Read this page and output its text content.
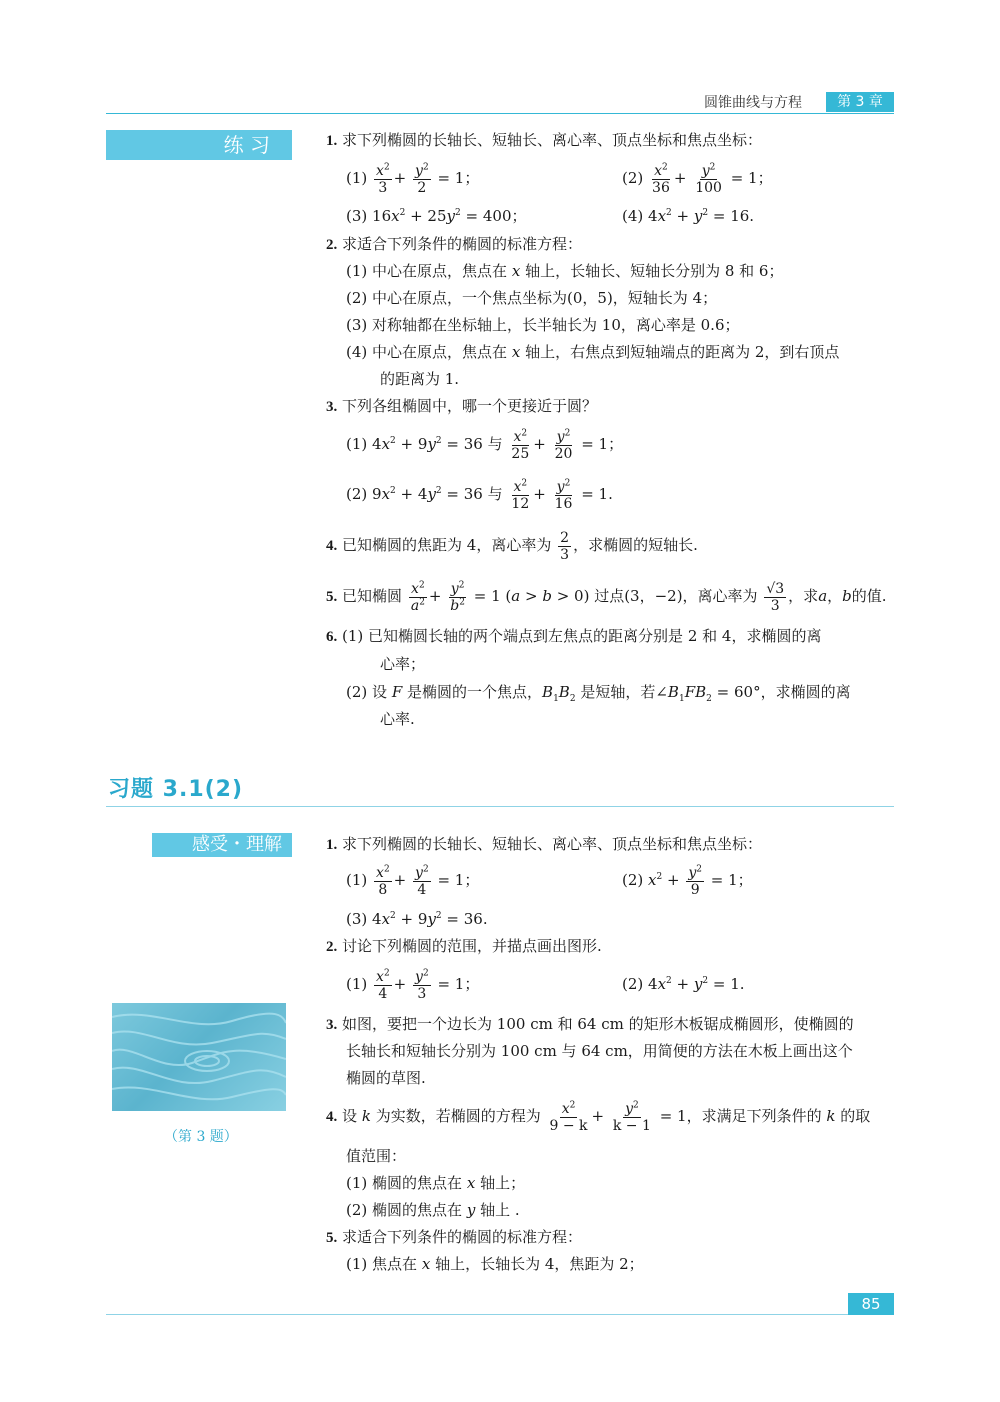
圆锥曲线与方程	第 3 章
练 习	1. 求下列椭圆的长轴长、短轴长、离心率、顶点坐标和焦点坐标：
$(1) \frac{x^2}{3} + \frac{y^2}{2} = 1$；	$(2) \frac{x^2}{36} + \frac{y^2}{100} = 1$；
(3) $16x^2 + 25y^2 = 400$；	(4) $4x^2 + y^2 = 16$.
2. 求适合下列条件的椭圆的标准方程：
(1) 中心在原点，焦点在 x 轴上，长轴长、短轴长分别为 8 和 6；
(2) 中心在原点，一个焦点坐标为(0，5)，短轴长为 4；
(3) 对称轴都在坐标轴上，长半轴长为 10，离心率是 0.6；
(4) 中心在原点，焦点在 x 轴上，右焦点到短轴端点的距离为 2，到右顶点
的距离为 1.
3. 下列各组椭圆中，哪一个更接近于圆？
(1) $4x^2 + 9y^2 = 36$ 与 $\frac{x^2}{25} + \frac{y^2}{20} = 1$；
(2) $9x^2 + 4y^2 = 36$ 与 $\frac{x^2}{12} + \frac{y^2}{16} = 1$.
4. 已知椭圆的焦距为 4，离心率为 $\frac{2}{3}$ ，求椭圆的短轴长.
5. 已知椭圆 $\frac{x^2}{a^2} + \frac{y^2}{b^2} = 1$ (a > b > 0) 过点(3，−2)，离心率为 $\frac{√3}{3}$ ，求a，b的值.
6. (1) 已知椭圆长轴的两个端点到左焦点的距离分别是 2 和 4，求椭圆的离
心率；
(2) 设 F 是椭圆的一个焦点，$B_1B_2$ 是短轴，若$\angle B_1FB_2 = 60^\circ$，求椭圆的离
心率.
习题 3.1(2)
感受・理解	1. 求下列椭圆的长轴长、短轴长、离心率、顶点坐标和焦点坐标：
$(1) \frac{x^2}{8} + \frac{y^2}{4} = 1$；	(2) $x^2 + \frac{y^2}{9} = 1$；
(3) $4x^2 + 9y^2 = 36$.
2. 讨论下列椭圆的范围，并描点画出图形.
$(1) \frac{x^2}{4} + \frac{y^2}{3} = 1$；	(2) $4x^2 + y^2 = 1$.
（第 3 题）
3. 如图，要把一个边长为 100 cm 和 64 cm 的矩形木板锯成椭圆形，使椭圆的
长轴长和短轴长分别为 100 cm 与 64 cm，用简便的方法在木板上画出这个
椭圆的草图.
4. 设 k 为实数，若椭圆的方程为 $\frac{x^2}{9 - k} + \frac{y^2}{k - 1} = 1$，求满足下列条件的 k 的取
值范围：
(1) 椭圆的焦点在 x 轴上；
(2) 椭圆的焦点在 y 轴上 .
5. 求适合下列条件的椭圆的标准方程：
(1) 焦点在 x 轴上，长轴长为 4，焦距为 2；
85
